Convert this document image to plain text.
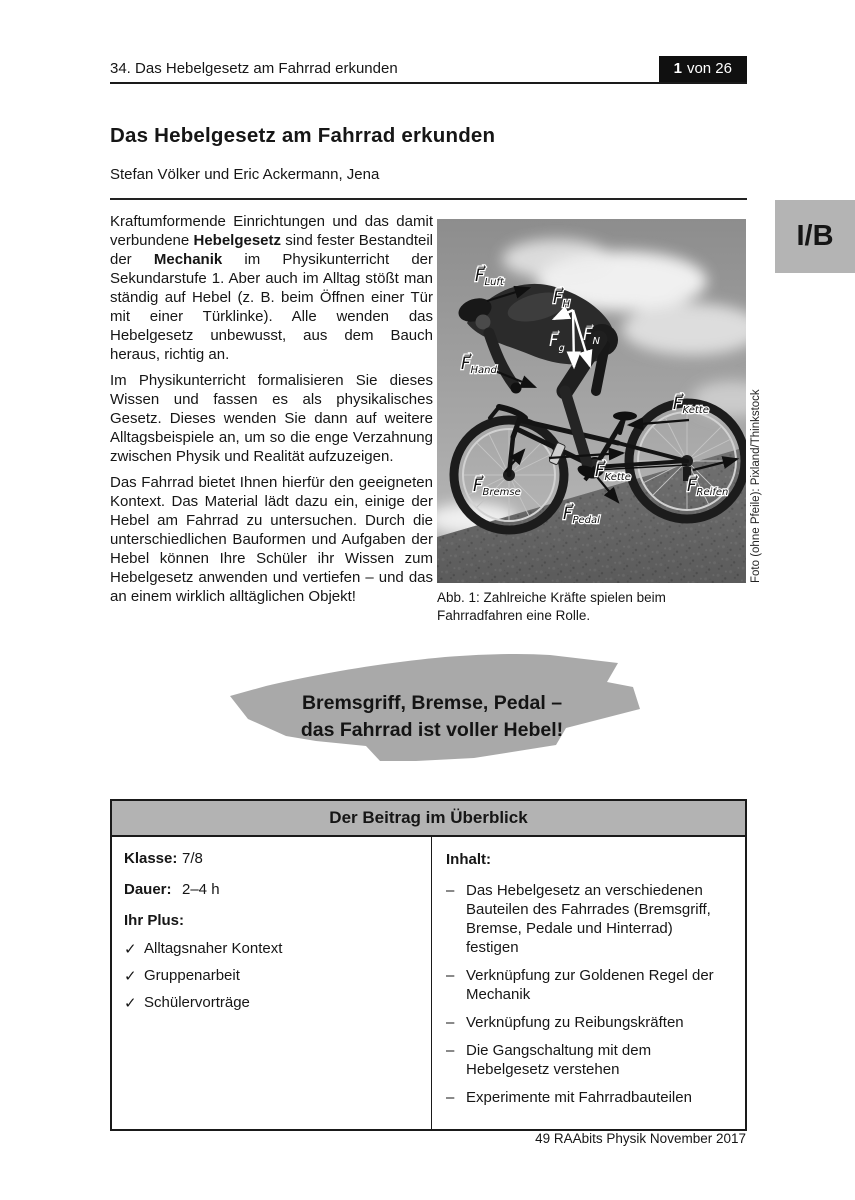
34. Das Hebelgesetz am Fahrrad erkunden	1 von 26
Das Hebelgesetz am Fahrrad erkunden
Stefan Völker und Eric Ackermann, Jena
I/B

Kraftumformende Einrichtungen und das damit verbundene Hebelgesetz sind fester Bestandteil der Mechanik im Physikunterricht der Sekundarstufe 1. Aber auch im Alltag stößt man ständig auf Hebel (z. B. beim Öffnen einer Tür mit einer Türklinke). Alle wenden das Hebelgesetz unbewusst, aus dem Bauch heraus, richtig an.

Im Physikunterricht formalisieren Sie dieses Wissen und fassen es als physikalisches Gesetz. Dieses wenden Sie dann auf weitere Alltagsbeispiele an, um so die enge Verzahnung zwischen Physik und Realität aufzuzeigen.

Das Fahrrad bietet Ihnen hierfür den geeigneten Kontext. Das Material lädt dazu ein, einige der Hebel am Fahrrad zu untersuchen. Durch die unterschiedlichen Bauformen und Aufgaben der Hebel können Ihre Schüler ihr Wissen zum Hebelgesetz anwenden und vertiefen – und das an einem wirklich alltäglichen Objekt!

$F⃗_{Luft}$
$F⃗_H$
$F⃗_g$
$F⃗_N$
$F⃗_{Hand}$
$F⃗_{Kette}$
$F⃗_{Kette}$	$F⃗_{Reifen}$
$F⃗_{Bremse}$
$F⃗_{Pedal}$
Abb. 1: Zahlreiche Kräfte spielen beim Fahrradfahren eine Rolle.
Foto (ohne Pfeile): Pixland/Thinkstock
Bremsgriff, Bremse, Pedal –
das Fahrrad ist voller Hebel!
Der Beitrag im Überblick
Klasse: 7/8
Dauer: 2–4 h
Ihr Plus:
✓ Alltagsnaher Kontext
✓ Gruppenarbeit
✓ Schülervorträge
Inhalt:
– Das Hebelgesetz an verschiedenen Bauteilen des Fahrrades (Bremsgriff, Bremse, Pedale und Hinterrad) festigen
– Verknüpfung zur Goldenen Regel der Mechanik
– Verknüpfung zu Reibungskräften
– Die Gangschaltung mit dem Hebelgesetz verstehen
– Experimente mit Fahrradbauteilen
49 RAAbits Physik November 2017
